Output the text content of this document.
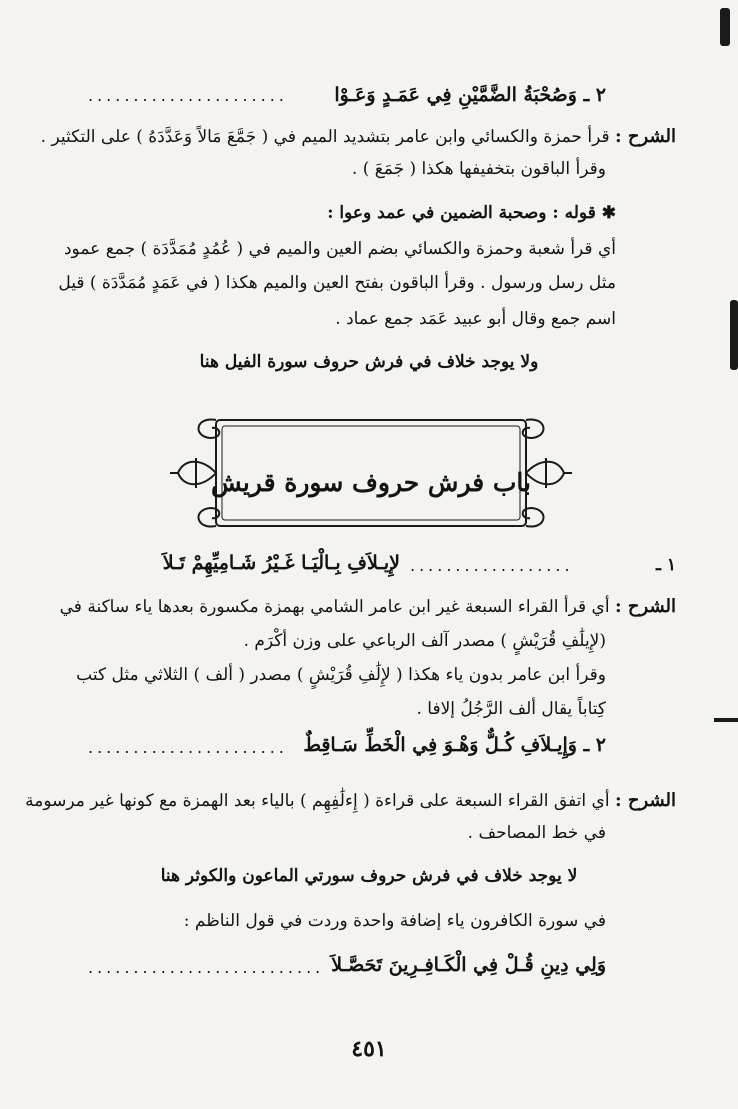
٢ ـ وَصُحْبَةُ الضَّمَّيْنِ فِي عَمَـدٍ وَعَـوْا
......................
الشرح : قرأ حمزة والكسائي وابن عامر بتشديد الميم في ( جَمَّعَ مَالاً وَعَدَّدَهُ ) على التكثير .
وقرأ الباقون بتخفيفها هكذا ( جَمَعَ ) .
✱ قوله : وصحبة الضمين في عمد وعوا :
أي قرأ شعبة وحمزة والكسائي بضم العين والميم في ( عُمُدٍ مُمَدَّدَة ) جمع عمود
مثل رسل ورسول . وقرأ الباقون بفتح العين والميم هكذا ( في عَمَدٍ مُمَدَّدَة ) قيل
اسم جمع وقال أبو عبيد عَمَد جمع عماد .
ولا يوجد خلاف في فرش حروف سورة الفيل هنا
باب فرش حروف سورة قريش
لإِيـلاَفِ بِـالْيَـا غَـيْرُ شَـامِيِّهِمْ تَـلاَ	١ ـ
..................
الشرح : أي قرأ القراء السبعة غير ابن عامر الشامي بهمزة مكسورة بعدها ياء ساكنة في
(لإِيلَٰفِ قُرَيْشٍ ) مصدر آلف الرباعي على وزن أكْرَم .
وقرأ ابن عامر بدون ياء هكذا ( لإِلَٰفِ قُرَيْشٍ ) مصدر ( ألف ) الثلاثي مثل كتب
كِتاباً يقال ألف الرَّجُلُ إلافا .
٢ ـ وَإِيـلاَفِ كُـلٌّ وَهْـوَ فِي الْخَطِّ سَـاقِطٌ
......................
الشرح : أي اتفق القراء السبعة على قراءة ( إِءلَٰفِهِم ) بالياء بعد الهمزة مع كونها غير مرسومة
في خط المصاحف .
لا يوجد خلاف في فرش حروف سورتي الماعون والكوثر هنا
في سورة الكافرون ياء إضافة واحدة وردت في قول الناظم :
وَلِي دِينِ قُـلْ فِي الْكَـافِـرِينَ تَحَصَّـلاَ
..........................
٤٥١
